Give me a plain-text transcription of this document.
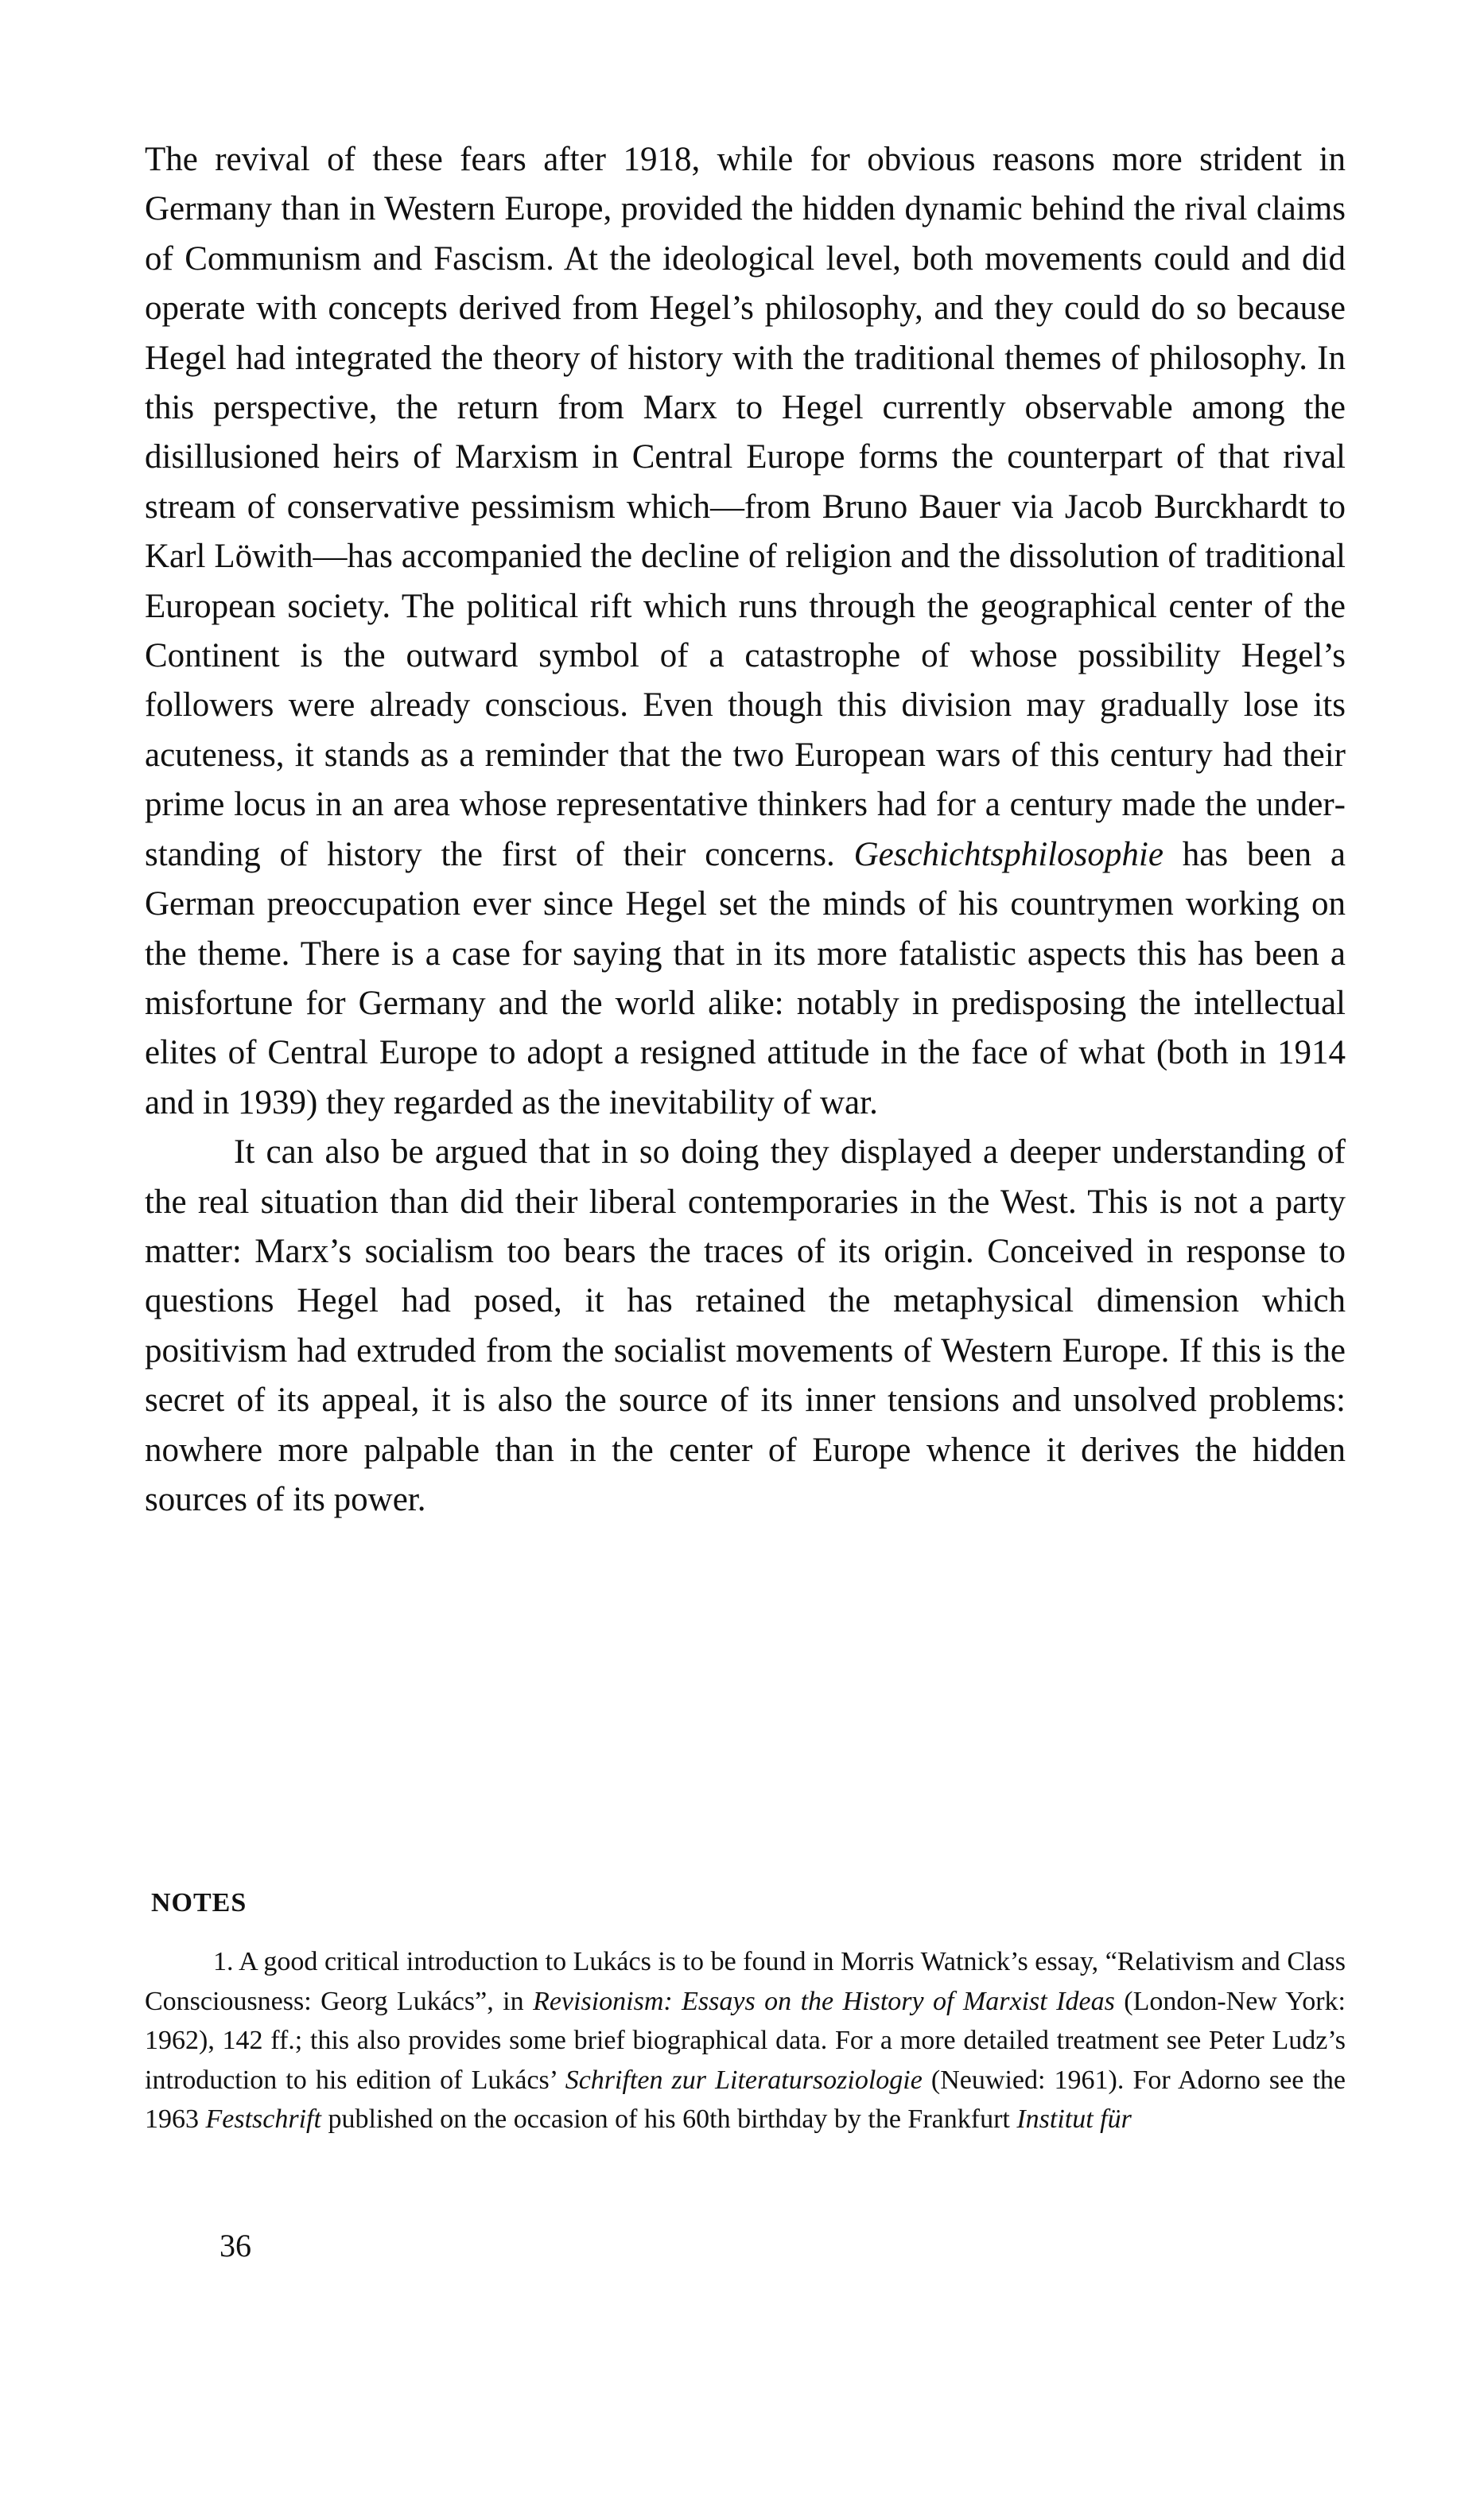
The revival of these fears after 1918, while for obvious reasons more strident in Germany than in Western Europe, provided the hidden dynamic behind the rival claims of Communism and Fascism. At the ideological level, both movements could and did operate with concepts derived from Hegel’s philosophy, and they could do so because Hegel had integrated the theory of history with the traditional themes of philosophy. In this perspective, the return from Marx to Hegel currently observable among the disillusioned heirs of Marxism in Central Europe forms the counterpart of that rival stream of conservative pessimism which—from Bruno Bauer via Jacob Burckhardt to Karl Löwith—has accompanied the decline of religion and the dissolution of traditional European society. The political rift which runs through the geographical center of the Continent is the outward symbol of a catastrophe of whose possibility Hegel’s followers were already conscious. Even though this division may gradually lose its acuteness, it stands as a reminder that the two European wars of this century had their prime locus in an area whose representative thinkers had for a century made the understanding of history the first of their concerns. Geschichtsphilosophie has been a German preoccupation ever since Hegel set the minds of his countrymen working on the theme. There is a case for saying that in its more fatalistic aspects this has been a misfortune for Germany and the world alike: notably in predisposing the intellectual elites of Central Europe to adopt a resigned attitude in the face of what (both in 1914 and in 1939) they regarded as the inevitability of war.

It can also be argued that in so doing they displayed a deeper understanding of the real situation than did their liberal contemporaries in the West. This is not a party matter: Marx’s socialism too bears the traces of its origin. Conceived in response to questions Hegel had posed, it has retained the metaphysical dimension which positivism had extruded from the socialist movements of Western Europe. If this is the secret of its appeal, it is also the source of its inner tensions and unsolved problems: nowhere more palpable than in the center of Europe whence it derives the hidden sources of its power.

NOTES

1. A good critical introduction to Lukács is to be found in Morris Watnick’s essay, “Relativism and Class Consciousness: Georg Lukács”, in Revisionism: Essays on the History of Marxist Ideas (London-New York: 1962), 142 ff.; this also provides some brief biographical data. For a more detailed treatment see Peter Ludz’s introduction to his edition of Lukács’ Schriften zur Literatursoziologie (Neuwied: 1961). For Adorno see the 1963 Festschrift published on the occasion of his 60th birthday by the Frankfurt Institut für

36
